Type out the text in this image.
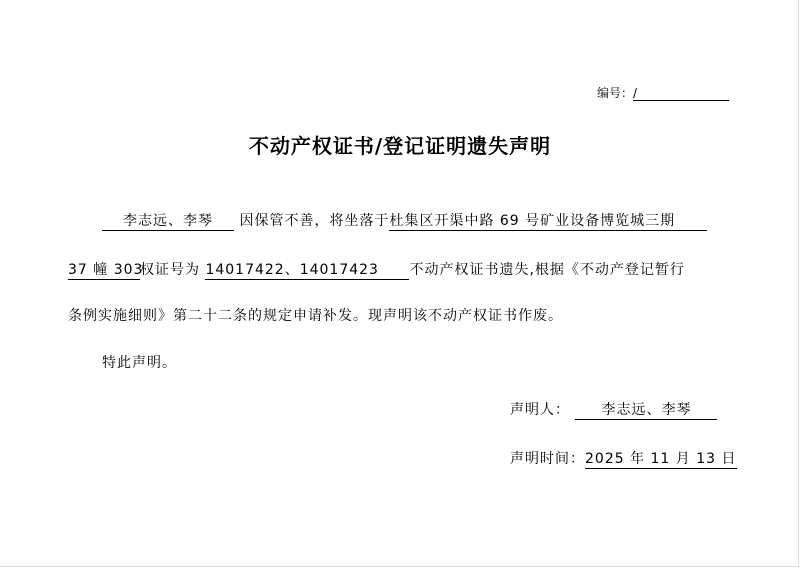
编号：/
不动产权证书/登记证明遗失声明
李志远、李琴 因保管不善，将坐落于杜集区开渠中路 69 号矿业设备博览城三期
37 幢 303权证号为 14017422、14017423 不动产权证书遗失,根据《不动产登记暂行
条例实施细则》第二十二条的规定申请补发。现声明该不动产权证书作废。
特此声明。
声明人： 李志远、李琴
声明时间：2025 年 11 月 13 日
